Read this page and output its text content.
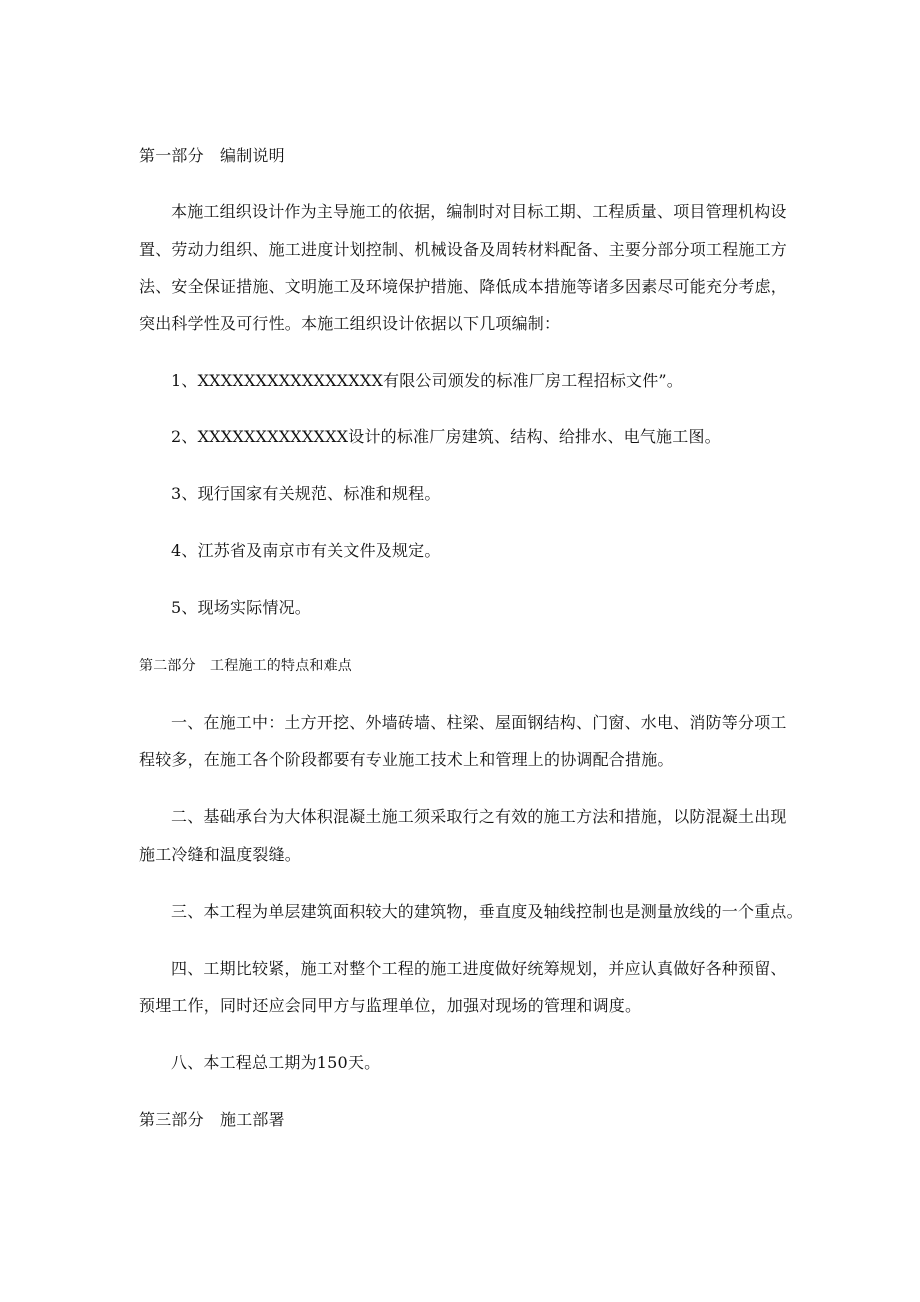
第一部分　编制说明
本施工组织设计作为主导施工的依据，编制时对目标工期、工程质量、项目管理机构设
置、劳动力组织、施工进度计划控制、机械设备及周转材料配备、主要分部分项工程施工方
法、安全保证措施、文明施工及环境保护措施、降低成本措施等诸多因素尽可能充分考虑，
突出科学性及可行性。本施工组织设计依据以下几项编制：
1、XXXXXXXXXXXXXXXX有限公司颁发的标准厂房工程招标文件”。
2、XXXXXXXXXXXXX设计的标准厂房建筑、结构、给排水、电气施工图。
3、现行国家有关规范、标准和规程。
4、江苏省及南京市有关文件及规定。
5、现场实际情况。
第二部分　工程施工的特点和难点
一、在施工中：土方开挖、外墙砖墙、柱梁、屋面钢结构、门窗、水电、消防等分项工
程较多，在施工各个阶段都要有专业施工技术上和管理上的协调配合措施。
二、基础承台为大体积混凝土施工须采取行之有效的施工方法和措施，以防混凝土出现
施工冷缝和温度裂缝。
三、本工程为单层建筑面积较大的建筑物，垂直度及轴线控制也是测量放线的一个重点。
四、工期比较紧，施工对整个工程的施工进度做好统筹规划，并应认真做好各种预留、
预埋工作，同时还应会同甲方与监理单位，加强对现场的管理和调度。
八、本工程总工期为150天。
第三部分　施工部署
